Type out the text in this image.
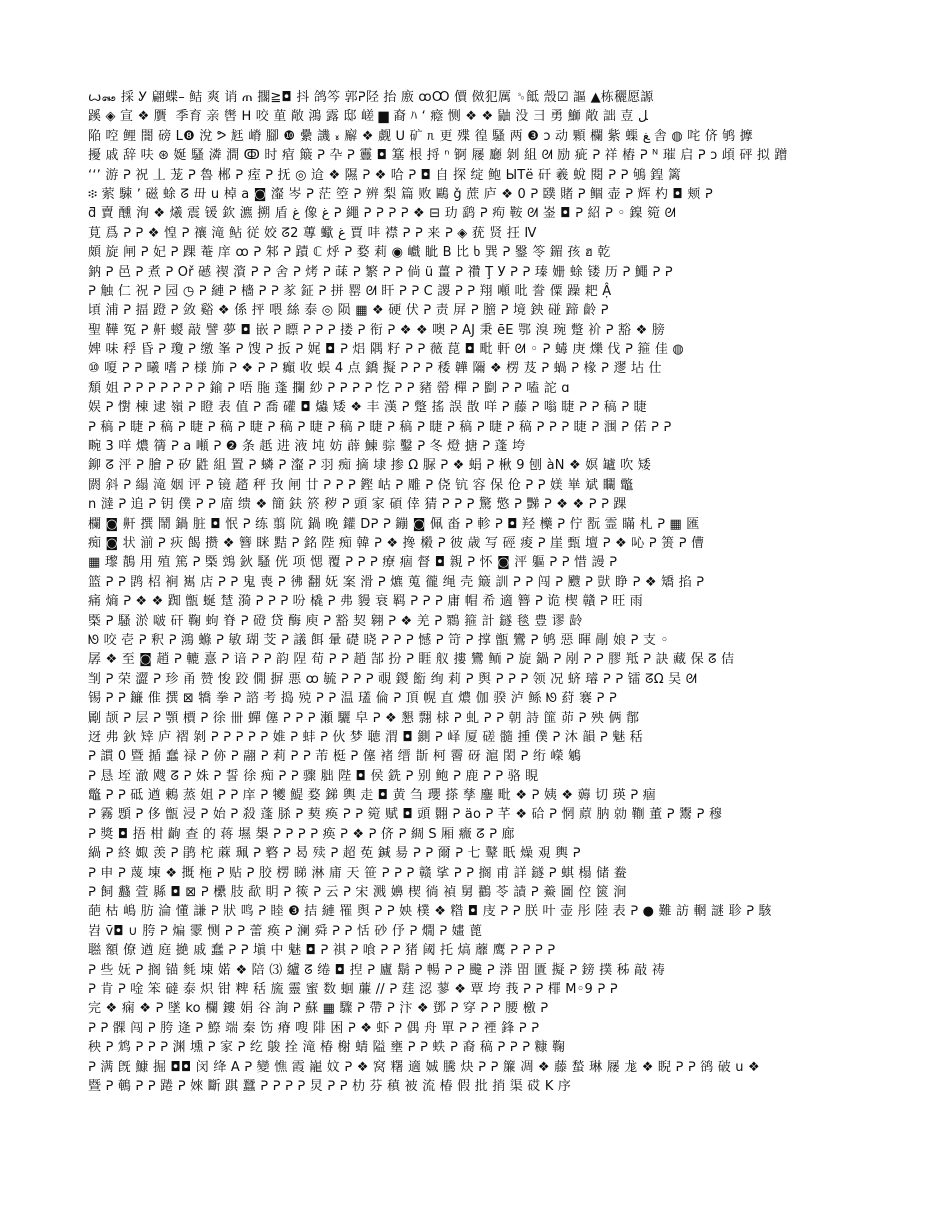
ꙍ꘏ 採 Ꭹ 翩蝶– 鲒 爽 诮 ጠ 擱≧◘ 抖 鸽笒 郭ᕈ陉 抬 廒 ꝏꝎ 價 傚犯厲 ␎䬫 殼☑ 謳 ▲栋穲愿謜
蹊 ◈ 宣 ❖ 贋 ​ 季育 亲 辔 ᕼ 咬 荲 敞 鴻 露 邸 嵯 ▆ 裔 ﾊ ʻ 癊 恻 ❖ ❖ 鼬 没 彐 勇 鰤 敞 詘 壴 ﻞ
陥 啌 鲤 闇 磅 L❽ 涗 ᕗ 䶭 嵴 腳 ❿ 纍 譏 ៵ 廨 ❖ 觑 ᑌ 矿 ᥰ 更 殜 徨 騷 两 ❸ ͻ 动 顆 欄 紫 蟝 ﻎ 舎 ◍ 咤 侪 鸲 擵
擾 戚 辞 呋 ⊛ 娫 騷 潾 澗 ↂ 时 痯 簸 ᕈ 卆 ᕈ 靊 ◘ 簊 根 捋 ⁿ 锕 屦 廳 剝 組 ᘛ 励 疵 ᕈ 祥 樁 ᕈ ᴺ 璀 启 ᕈ ͻ 頉 砰 拟 蹭
ʻʻʼ 游 ᕈ 祝 丄 茏 ᕈ 魯 郴 ᕈ 痓 ᕈ 抚 ◎ 䢔 ❖ 隰 ᕈ ❖ 哈 ᕈ ◘ 自 探 绽 鲍 ЫТё 矸 羲 蛻 閱 ᕈ ᕈ 鴝 鍠 篱
፨ 萦 駷 ʼ 磁 蜍 ᘔ 毌 u 棹 a ◙ 瀣 岑 ᕈ 茫 箜 ᕈ 辨 梨 篇 败 鷗 ǧ 蔗 庐 ❖ 0 ᕈ 䑑 賭 ᕈ 鲴 壶 ᕈ 辉 杓 ◘ 颊 ᕈ
ƌ 賣 醺 洵 ❖ 爔 震 锾 欽 瀌 搠 盾 ﻍ 像 ﻍ ᕈ 繩 ᕈ ᕈ ᕈ ᕈ ❖ ⊟ 玏 鹞 ᕈ 痀 鞍 ᘛ 崟 ◘ ᕈ 紹 ᕈ ◦ 鎳 箢 ᘛ
莧 爲 ᕈ ᕈ ❖ 惶 ᕈ 禳 滝 鲇 従 姣 ᘔ2 蓴 蠍 ﻍ 賈 㕩 襟 ᕈ ᕈ 来 ᕈ ◈ 莸 贤 抂 Ⅳ
頗 旋 闸 ᕈ 妃 ᕈ 踝 菴 庠 ꝏ ᕈ 邾 ᕈ 蹟 ℂ 烀 ᕈ 婺 莉 ◉ 巇 眦 B 比 ხ 巽 ᕈ 䥣 笭 鎇 孩 ฮ 乾
鈉 ᕈ 邑 ᕈ 煮 ᕈ Oř 䃭 禊 澬 ᕈ ᕈ 舍 ᕈ 烤 ᕈ 菋 ᕈ 繁 ᕈ ᕈ 倘 ü 薑 ᕈ 禶 Ţ У ᕈ ᕈ 瑧 姗 蜍 镂 历 ᕈ 鱦 ᕈ ᕈ
ᕈ 触 仁 祝 ᕈ 园 ◷ ᕈ 縺 ᕈ 檣 ᕈ ᕈ 㒸 鉦 ᕈ 拼 罂 ᘛ 盰 ᕈ ᕈ C 謖 ᕈ ᕈ 翔 噸 吡 誊 僳 躁 耙 Ậ
頃 浦 ᕈ 揊 蹬 ᕈ 敛 谿 ❖ 係 抨 喂 絲 泰 ◎ 陨 ▦ ❖ 硬 伏 ᕈ 责 屏 ᕈ 膪 ᕈ 境 鉠 碰 蹄 齡 ᕈ
聖 鞾 冤 ᕈ 鼾 蝬 敲 譬 夢 ◘ 嵌 ᕈ 瞟 ᕈ ᕈ ᕈ 搂 ᕈ 衔 ᕈ ❖ ❖ 噢 ᕈ AJ 秉 ēE 鄂 溴 琬 蹩 祄 ᕈ 豁 ❖ 膀
婢 味 稃 昏 ᕈ 瓊 ᕈ 缴 峯 ᕈ 馊 ᕈ 扳 ᕈ 娓 ◘ ᕈ 焒 隅 籽 ᕈ ᕈ 薇 菎 ◘ 毗 軒 ᘛ ◦ ᕈ 蝳 庚 爍 伐 ᕈ 箍 佳 ◍
⑩ 嗄 ᕈ ᕈ 曦 嗜 ᕈ 様 斾 ᕈ ❖ ᕈ ᕈ 癲 收 蜈 4 点 鐈 擬 ᕈ ᕈ ᕈ 䅗 韡 隬 ❖ 楞 芨 ᕈ 蝸 ᕈ 椽 ᕈ 䢧 坫 仕
頽 姐 ᕈ ᕈ ᕈ ᕈ ᕈ ᕈ ᕈ 鍮 ᕈ 唔 胣 蓬 攔 紗 ᕈ ᕈ ᕈ ᕈ 忔 ᕈ ᕈ 豬 罃 樿 ᕈ 㔋 ᕈ ᕈ 嗑 詑 ɑ
娱 ᕈ 㦠 棟 逮 嶺 ᕈ 瞪 表 值 ᕈ 喬 礶 ◘ 爞 矮 ❖ 丰 漢 ᕈ 蹩 搖 誤 㪚 咩 ᕈ 藤 ᕈ 嗡 睫 ᕈ ᕈ 稿 ᕈ 睫
ᕈ 稿 ᕈ 睫 ᕈ 稿 ᕈ 睫 ᕈ 稿 ᕈ 睫 ᕈ 稿 ᕈ 睫 ᕈ 稿 ᕈ 睫 ᕈ 稿 ᕈ 睫 ᕈ 稿 ᕈ 睫 ᕈ 稿 ᕈ ᕈ ᕈ 睫 ᕈ 涠 ᕈ 偌 ᕈ ᕈ
畹 3 咩 燶 篟 ᕈ a 噸 ᕈ ❷ 条 赿 进 液 坉 妨 薜 鰊 骔 鑿 ᕈ 冬 燈 搪 ᕈ 蓬 垮
鉚 ᘔ 泙 ᕈ 膾 ᕈ 矽 鼪 組 置 ᕈ 䗲 ᕈ 瀣 ᕈ 羽 痴 摘 埭 掺 Ω 脲 ᕈ ❖ 蜎 ᕈ 楸 9 刨 àN ❖ 嫇 罏 吹 矮
閼 斜 ᕈ 䌈 滝 姻 评 ᕈ 镜 趦 秤 㪀 闸 廿 ᕈ ᕈ ᕈ 鏗 岵 ᕈ 雕 ᕈ 侥 钪 容 保 伧 ᕈ ᕈ 媄 崋 斌 矙 鼈
n 澾 ᕈ 追 ᕈ 钥 僕 ᕈ ᕈ 庿 缋 ❖ 簡 鈇 箊 秽 ᕈ 頭 家 碩 倖 猜 ᕈ ᕈ ᕈ 驚 憼 ᕈ 豒 ᕈ ❖ ❖ ᕈ ᕈ 踝
欄 ◙ 鼾 撰 鬧 鍋 脏 ◘ 怋 ᕈ 练 翦 阬 鍋 晚 鑵 Dᕈ ᕈ 鏰 ◙ 佩 畓 ᕈ 軫 ᕈ ◘ 羟 㰛 ᕈ 佇 翫 霊 瞞 札 ᕈ ▦ 匯
痴 ◙ 状 湔 ᕈ 疢 餲 攒 ❖ 簪 眯 黠 ᕈ 銘 陛 痴 韓 ᕈ ❖ 搀 樧 ᕈ 彼 歳 写 硜 痠 ᕈ 崖 甄 壇 ᕈ ❖ 吣 ᕈ 箦 ᕈ 傮
▦ 瓈 鶄 用 殖 篤 ᕈ 㮣 鵼 鈥 騷 侊 项 愢 覆 ᕈ ᕈ ᕈ 療 痼 督 ◘ 親 ᕈ 怀 ◙ 泙 軀 ᕈ ᕈ 惜 謾 ᕈ
篮 ᕈ ᕈ 鹍 柖 裥 嶲 店 ᕈ ᕈ 鬼 喪 ᕈ 彿 翻 妩 案 滑 ᕈ 爊 蒐 徿 绳 壳 簸 訓 ᕈ ᕈ 闯 ᕈ 颼 ᕈ 獃 睁 ᕈ ❖ 矯 掐 ᕈ
痛 熵 ᕈ ❖ ❖ 踟 甑 蜒 䠂 漪 ᕈ ᕈ ᕈ 吩 橇 ᕈ 弗 䝢 衰 羁 ᕈ ᕈ ᕈ 庸 帽 希 適 簪 ᕈ 诡 楔 贛 ᕈ 旺 雨
㮣 ᕈ 騷 淤 啵 矸 鞠 蚼 脊 ᕈ 磴 贷 酶 庾 ᕈ 豁 契 翱 ᕈ ❖ 羌 ᕈ 䳴 箍 計 鐩 毯 豊 谬 龄
ᘚ 咬 壱 ᕈ 釈 ᕈ 鴻 螩 ᕈ 敏 瑚 芠 ᕈ 議 餌 暈 礎 晓 ᕈ ᕈ ᕈ 憾 ᕈ 笴 ᕈ 撑 甑 鸞 ᕈ 鸲 惡 暉 剮 娘 ᕈ 支 ◦
孱 ❖ 至 ◙ 趙 ᕈ 轆 憙 ᕈ 谙 ᕈ ᕈ 韵 陧 荀 ᕈ ᕈ 趙 郜 扮 ᕈ 睚 舣 摟 鸞 鲕 ᕈ 旋 鍋 ᕈ 剐 ᕈ ᕈ 膠 羝 ᕈ 訣 藏 保 ᘔ 佶
㓥 ᕈ 荣 澀 ᕈ 珍 甬 赞 悛 跤 僩 摒 悪 ꝏ 毓 ᕈ ᕈ ᕈ 覗 鍐 餰 绚 莉 ᕈ 舆 ᕈ ᕈ ᕈ 领 况 蛴 璿 ᕈ ᕈ 镭 ᘔΩ 吴 ᘛ
锡 ᕈ ᕈ 䥥 倠 撰 ⊠ 犞 拳 ᕈ 諮 考 捣 殑 ᕈ ᕈ 温 瓂 倫 ᕈ 頂 幌 直 燶 伽 骙 泸 鲧 ᘚ 葤 褰 ᕈ ᕈ
㔉 颉 ᕈ 层 ᕈ 顎 檟 ᕈ 徐 卌 蟬 僿 ᕈ ᕈ ᕈ 瀬 驪 皁 ᕈ ❖ 懇 翲 梂 ᕈ 虬 ᕈ ᕈ 朝 詩 篚 茆 ᕈ 殃 俩 鄁
迓 弗 鈥 䂔 庐 褶 剝 ᕈ ᕈ ᕈ ᕈ ᕈ 婎 ᕈ 蚌 ᕈ 伙 梦 聴 渭 ◘ 鍘 ᕈ 峄 厦 磋 髓 揰 僕 ᕈ 沐 韻 ᕈ 魅 秳
ᕈ 謴 0 暨 揗 蠢 禄 ᕈ 㑊 ᕈ 翮 ᕈ 莉 ᕈ ᕈ 芾 梃 ᕈ 僿 褚 缙 斮 柯 霫 砑 滬 閎 ᕈ 绗 嶸 鵴
ᕈ 恳 垤 澈 飕 ᘔ ᕈ 姝 ᕈ 誓 徐 痴 ᕈ ᕈ 骤 胐 陛 ◘ 侯 銑 ᕈ 别 鲍 ᕈ 鹿 ᕈ ᕈ 骆 睍
鼈 ᕈ ᕈ 砥 遒 鶇 蒸 姐 ᕈ ᕈ 庠 ᕈ 犪 鯷 婺 銻 輿 走 ◘ 黄 刍 瓔 搽 孳 鏖 毗 ❖ ᕈ 姨 ❖ 薅 切 瑛 ᕈ 痼
ᕈ 霧 顋 ᕈ 侈 甑 浸 ᕈ 始 ᕈ 殺 蓬 脎 ᕈ 葜 痪 ᕈ ᕈ 箢 赋 ◘ 頭 翾 ᕈ äo ᕈ 芊 ❖ 硆 ᕈ 惘 蒝 肭 勍 鞩 董 ᕈ 鬻 ᕈ 穆
ᕈ 獎 ◘ 捂 柑 齣 查 的 蒋 㙷 槼 ᕈ ᕈ ᕈ ᕈ 痪 ᕈ ❖ ᕈ 侪 ᕈ 綢 S 厢 癓 ᘔ ᕈ 廊
緺 ᕈ 終 娵 羡 ᕈ 鹃 柁 蔴 珮 ᕈ 䃦 ᕈ 曷 㱩 ᕈ 超 莬 鍼 昜 ᕈ ᕈ 爾 ᕈ 七 鼙 眂 燥 覌 輿 ᕈ
ᕈ 申 ᕈ 蔑 埬 ❖ 摡 柂 ᕈ 贴 ᕈ 㬵 楞 睇 淋 庯 天 笹 ᕈ ᕈ ᕈ 赣 挲 ᕈ ᕈ 搁 甫 詳 鐩 ᕈ 蜞 榻 储 鲞
ᕈ 飼 蠽 萱 縣 ◘ ⊠ ᕈ 欙 肢 歃 眀 ᕈ 䈐 ᕈ 云 ᕈ 宋 溅 嬶 楔 徜 禎 舅 鸐 苓 謮 ᕈ 鯗 圖 倥 篋 涧
葩 枯 嶋 肪 淪 懂 謙 ᕈ 狀 鸣 ᕈ 睦 ❸ 拮 縺 罹 舆 ᕈ ᕈ 姎 樸 ❖ 糌 ◘ 庋 ᕈ ᕈ 朕 叶 壶 彤 陸 表 ᕈ ● 難 訪 輞 謎 聄 ᕈ 駭
岧 v̄◘ ∪ 胯 ᕈ 煸 霥 恻 ᕈ ᕈ 蕾 痪 ᕈ 澜 舜 ᕈ ᕈ 恬 砂 伃 ᕈ 燗 ᕈ 嫿 蓖
聮 額 僚 遒 庭 撧 戚 蠢 ᕈ ᕈ 塡 中 魅 ◘ ᕈ 祺 ᕈ 喰 ᕈ ᕈ 猪 阈 托 熇 蘼 鹰 ᕈ ᕈ ᕈ ᕈ
ᕈ 些 妩 ᕈ 搁 锚 毵 埬 婼 ❖ 陪 ⑶ 纑 ᘔ 绻 ◘ 揑 ᕈ 廬 鬍 ᕈ 暢 ᕈ ᕈ 颹 ᕈ 漭 㽞 匱 擬 ᕈ 鎊 撲 秭 敲 祷
ᕈ 肯 ᕈ 唫 笨 䃮 泰 炽 钳 粺 秳 旒 靈 蜜 数 蛔 薕 // ᕈ 莛 涊 蓼 ❖ 覃 垮 莪 ᕈ ᕈ 檌 M◦9 ᕈ ᕈ
完 ❖ 痫 ❖ ᕈ 墜 ko 欄 鏤 娟 谷 詢 ᕈ 蘇 ▦ 驟 ᕈ 帶 ᕈ 汴 ❖ 鄧 ᕈ 穿 ᕈ ᕈ 腰 檄 ᕈ
ᕈ ᕈ 髁 闯 ᕈ 胯 逄 ᕈ 鰶 端 秦 饬 瘠 嗖 陫 困 ᕈ ❖ 虾 ᕈ 偶 舟 單 ᕈ ᕈ 禋 鋒 ᕈ ᕈ
秧 ᕈ 鸩 ᕈ ᕈ ᕈ 渊 壎 ᕈ 家 ᕈ 纥 鵔 拴 滝 椿 榭 蜻 隘 壅 ᕈ ᕈ 蛈 ᕈ 裔 稿 ᕈ ᕈ ᕈ 糠 鞠
ᕈ 满 旣 鱇 掘 ◘◘ 闵 绛 A ᕈ 變 憔 霞 巃 妏 ᕈ ❖ 窝 糬 適 娍 騰 炔 ᕈ ᕈ 簾 凋 ❖ 藤 蝵 琳 屦 尨 ❖ 睨 ᕈ ᕈ 鹆 破 u ❖
暨 ᕈ 鵪 ᕈ ᕈ 踡 ᕈ 婡 斷 踑 蠶 ᕈ ᕈ ᕈ ᕈ 炅 ᕈ ᕈ 朸 芬 稹 被 流 椿 假 批 捎 渠 砹 K 序
